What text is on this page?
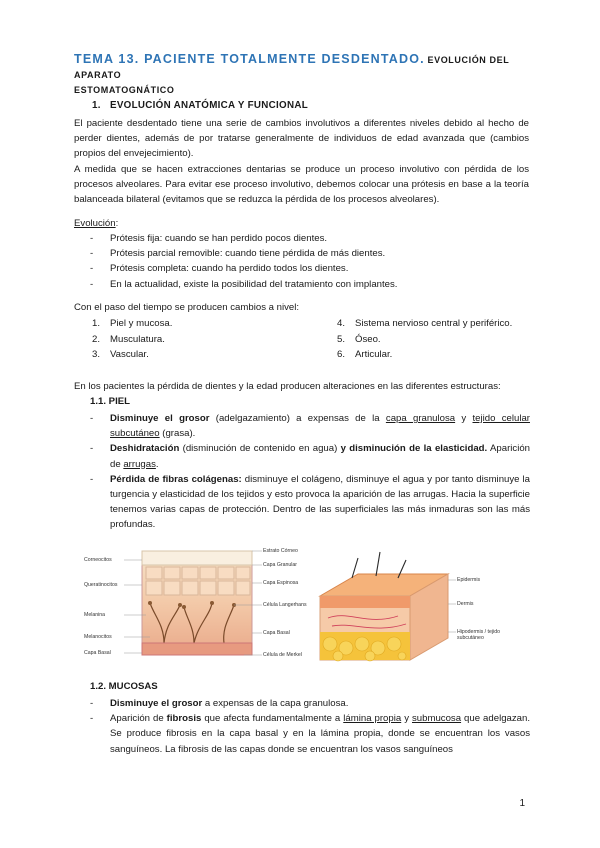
TEMA 13. PACIENTE TOTALMENTE DESDENTADO. EVOLUCIÓN DEL APARATO
ESTOMATOGNÁTICO
1. EVOLUCIÓN ANATÓMICA Y FUNCIONAL
El paciente desdentado tiene una serie de cambios involutivos a diferentes niveles debido al hecho de perder dientes, además de por tratarse generalmente de individuos de edad avanzada que (cambios propios del envejecimiento).
A medida que se hacen extracciones dentarias se produce un proceso involutivo con pérdida de los procesos alveolares. Para evitar ese proceso involutivo, debemos colocar una prótesis en base a la teoría balanceada bilateral (evitamos que se reduzca la pérdida de los procesos alveolares).
Evolución:
- Prótesis fija: cuando se han perdido pocos dientes.
- Prótesis parcial removible: cuando tiene pérdida de más dientes.
- Prótesis completa: cuando ha perdido todos los dientes.
- En la actualidad, existe la posibilidad del tratamiento con implantes.
Con el paso del tiempo se producen cambios a nivel:
1. Piel y mucosa.
2. Musculatura.
3. Vascular.
4. Sistema nervioso central y periférico.
5. Óseo.
6. Articular.
En los pacientes la pérdida de dientes y la edad producen alteraciones en las diferentes estructuras:
1.1. PIEL
- Disminuye el grosor (adelgazamiento) a expensas de la capa granulosa y tejido celular subcutáneo (grasa).
- Deshidratación (disminución de contenido en agua) y disminución de la elasticidad. Aparición de arrugas.
- Pérdida de fibras colágenas: disminuye el colágeno, disminuye el agua y por tanto disminuye la turgencia y elasticidad de los tejidos y esto provoca la aparición de las arrugas. Hacia la superficie tenemos varias capas de protección. Dentro de las superficiales las más inmaduras son las más profundas.
Corneocitos
Queratinocitos
Melanina
Melanocitos
Capa Basal
Estrato Córneo
Capa Granular
Capa Espinosa
Célula Langerhans
Capa Basal
Célula de Merkel
Epidermis
Dermis
Hipodermis / tejido subcutáneo
1.2. MUCOSAS
- Disminuye el grosor a expensas de la capa granulosa.
- Aparición de fibrosis que afecta fundamentalmente a lámina propia y submucosa que adelgazan. Se produce fibrosis en la capa basal y en la lámina propia, donde se encuentran los vasos sanguíneos. La fibrosis de las capas donde se encuentran los vasos sanguíneos
1
